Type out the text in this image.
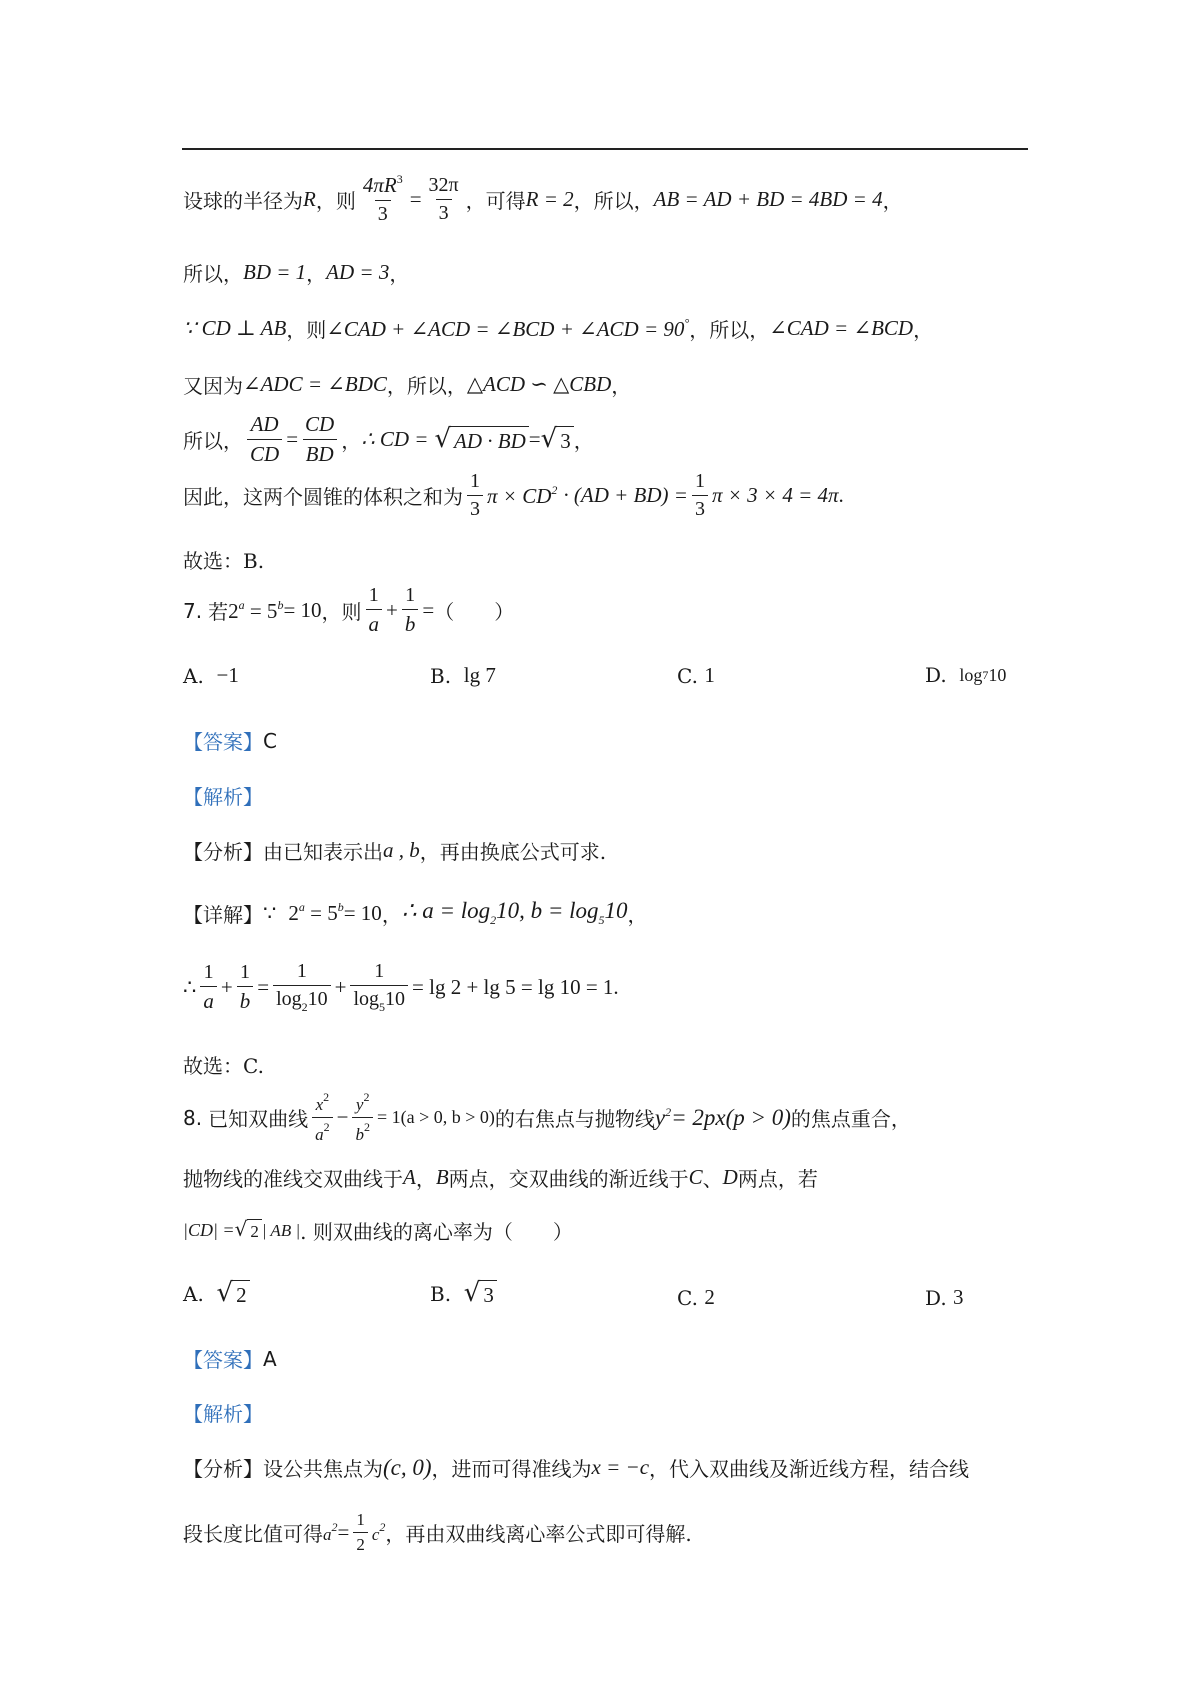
设球的半径为 R ，则 $\frac{4\pi R^3}{3} = \frac{32\pi}{3}$ ，可得 R = 2 ，所以， AB = AD + BD = 4BD = 4 ，
所以， BD = 1 ， AD = 3 ，
∵ CD ⊥ AB ，则 ∠CAD + ∠ACD = ∠BCD + ∠ACD = 90° ，所以， ∠CAD = ∠BCD ，
又因为 ∠ADC = ∠BDC ，所以， △ACD ∽ △CBD ，
所以， $\frac{AD}{CD} = \frac{CD}{BD}$ ， ∴ CD = √ AD · BD = √ 3 ，
因此，这两个圆锥的体积之和为 $\frac{1}{3}$ $\pi \times CD^2 \cdot (AD + BD) = \frac{1}{3}$ π × 3 × 4 = 4π .
故选：B.
7. 若 $2^a = 5^b = 10$ ，则 $\frac{1}{a} + \frac{1}{b}$ = （　　）
A.
−1	B.
lg 7	C.
1	D.
log 7 10
【答案】 C
【解析】
【分析】 由已知表示出 a , b ，再由换底公式可求.
【详解】 ∵ $2^a = 5^b = 10$ ， ∴ $a = \log_210$, $b = \log_510$ ，
∴ $\frac{1}{a} + \frac{1}{b} = \frac{1}{\log_210} + \frac{1}{\log_510} = \lg 2 + \lg 5 = \lg 10 = 1$ .
故选：C.
8. 已知双曲线 $\frac{x^2}{a^2} - \frac{y^2}{b^2} = 1(a > 0$, b > 0) 的右焦点与抛物线 $y^2 = 2px(p > 0)$ 的焦点重合，
抛物线的准线交双曲线于 A ， B 两点，交双曲线的渐近线于 C 、 D 两点，若
|CD| = √ 2 | AB | . 则双曲线的离心率为（　　）
A.
√ 2	B.
√ 3	C.
2	D.
3
【答案】 A
【解析】
【分析】 设公共焦点为 (c, 0) ，进而可得准线为 x = −c ，代入双曲线及渐近线方程，结合线
段长度比值可得 $a^2 = \frac{1}{2} c^2$ ，再由双曲线离心率公式即可得解.
